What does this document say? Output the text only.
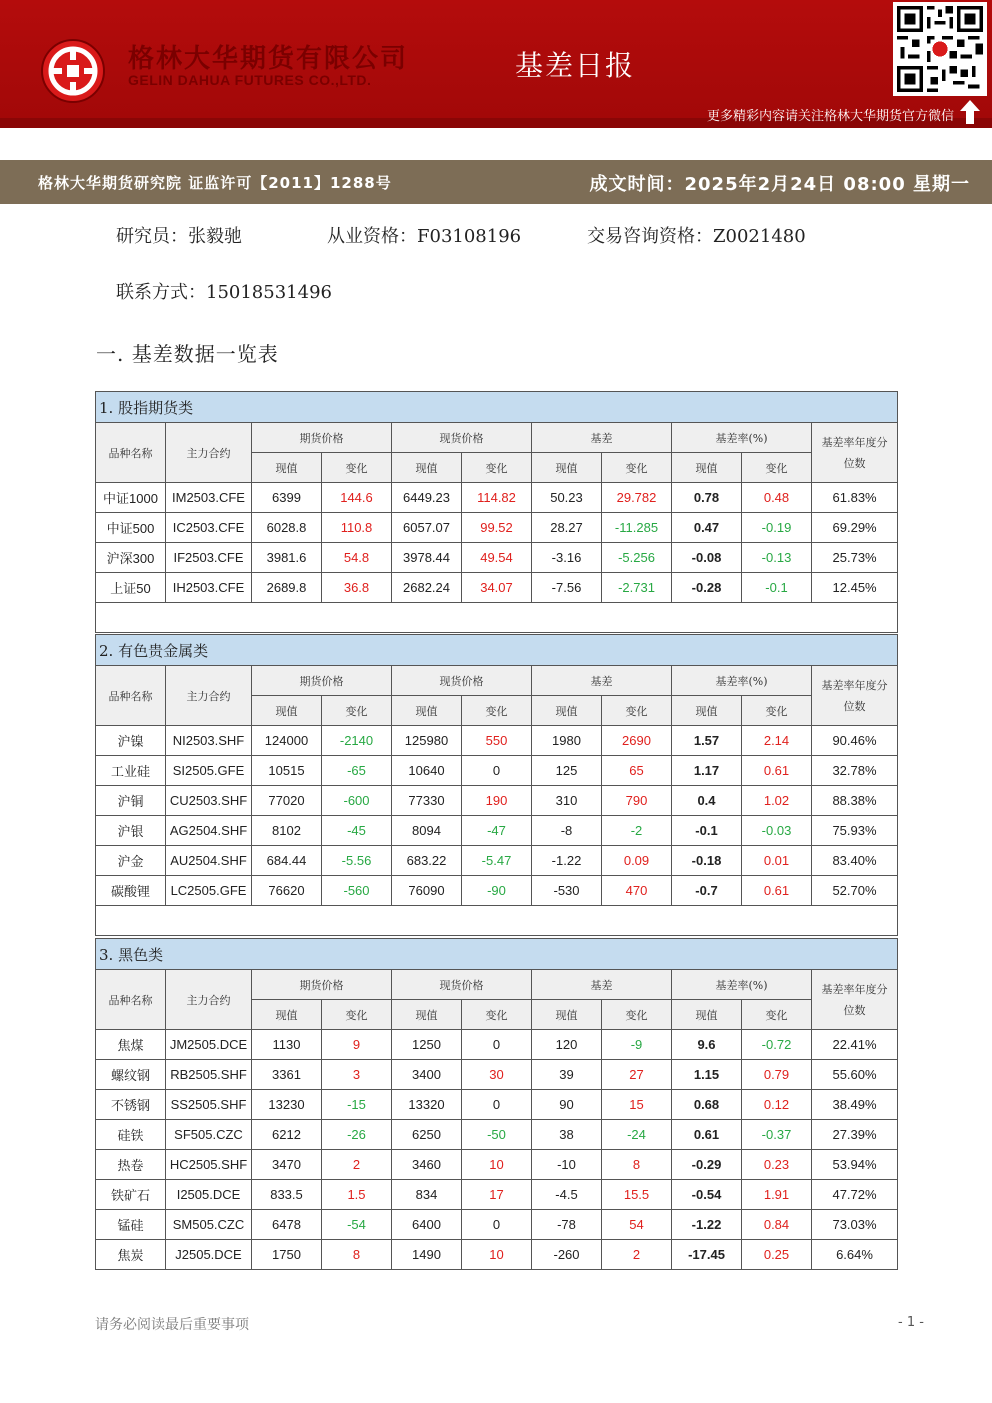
格林大华期货有限公司
GELIN DAHUA FUTURES CO.,LTD.	基差日报
更多精彩内容请关注格林大华期货官方微信
格林大华期货研究院 证监许可【2011】1288号	成文时间：2025年2月24日 08:00 星期一
研究员：张毅驰	从业资格：F03108196	交易咨询资格：Z0021480
联系方式：15018531496
一. 基差数据一览表
1. 股指期货类										
品种名称	主力合约	期货价格		现货价格		基差		基差率(%)		基差率年度分位数
		现值	变化	现值	变化	现值	变化	现值	变化	
中证1000	IM2503.CFE	6399	144.6	6449.23	114.82	50.23	29.782	0.78	0.48	61.83%
中证500	IC2503.CFE	6028.8	110.8	6057.07	99.52	28.27	-11.285	0.47	-0.19	69.29%
沪深300	IF2503.CFE	3981.6	54.8	3978.44	49.54	-3.16	-5.256	-0.08	-0.13	25.73%
上证50	IH2503.CFE	2689.8	36.8	2682.24	34.07	-7.56	-2.731	-0.28	-0.1	12.45%

2. 有色贵金属类										
品种名称	主力合约	期货价格		现货价格		基差		基差率(%)		基差率年度分位数
		现值	变化	现值	变化	现值	变化	现值	变化	
沪镍	NI2503.SHF	124000	-2140	125980	550	1980	2690	1.57	2.14	90.46%
工业硅	SI2505.GFE	10515	-65	10640	0	125	65	1.17	0.61	32.78%
沪铜	CU2503.SHF	77020	-600	77330	190	310	790	0.4	1.02	88.38%
沪银	AG2504.SHF	8102	-45	8094	-47	-8	-2	-0.1	-0.03	75.93%
沪金	AU2504.SHF	684.44	-5.56	683.22	-5.47	-1.22	0.09	-0.18	0.01	83.40%
碳酸锂	LC2505.GFE	76620	-560	76090	-90	-530	470	-0.7	0.61	52.70%

3. 黑色类										
品种名称	主力合约	期货价格		现货价格		基差		基差率(%)		基差率年度分位数
		现值	变化	现值	变化	现值	变化	现值	变化	
焦煤	JM2505.DCE	1130	9	1250	0	120	-9	9.6	-0.72	22.41%
螺纹钢	RB2505.SHF	3361	3	3400	30	39	27	1.15	0.79	55.60%
不锈钢	SS2505.SHF	13230	-15	13320	0	90	15	0.68	0.12	38.49%
硅铁	SF505.CZC	6212	-26	6250	-50	38	-24	0.61	-0.37	27.39%
热卷	HC2505.SHF	3470	2	3460	10	-10	8	-0.29	0.23	53.94%
铁矿石	I2505.DCE	833.5	1.5	834	17	-4.5	15.5	-0.54	1.91	47.72%
锰硅	SM505.CZC	6478	-54	6400	0	-78	54	-1.22	0.84	73.03%
焦炭	J2505.DCE	1750	8	1490	10	-260	2	-17.45	0.25	6.64%
请务必阅读最后重要事项	- 1 -
